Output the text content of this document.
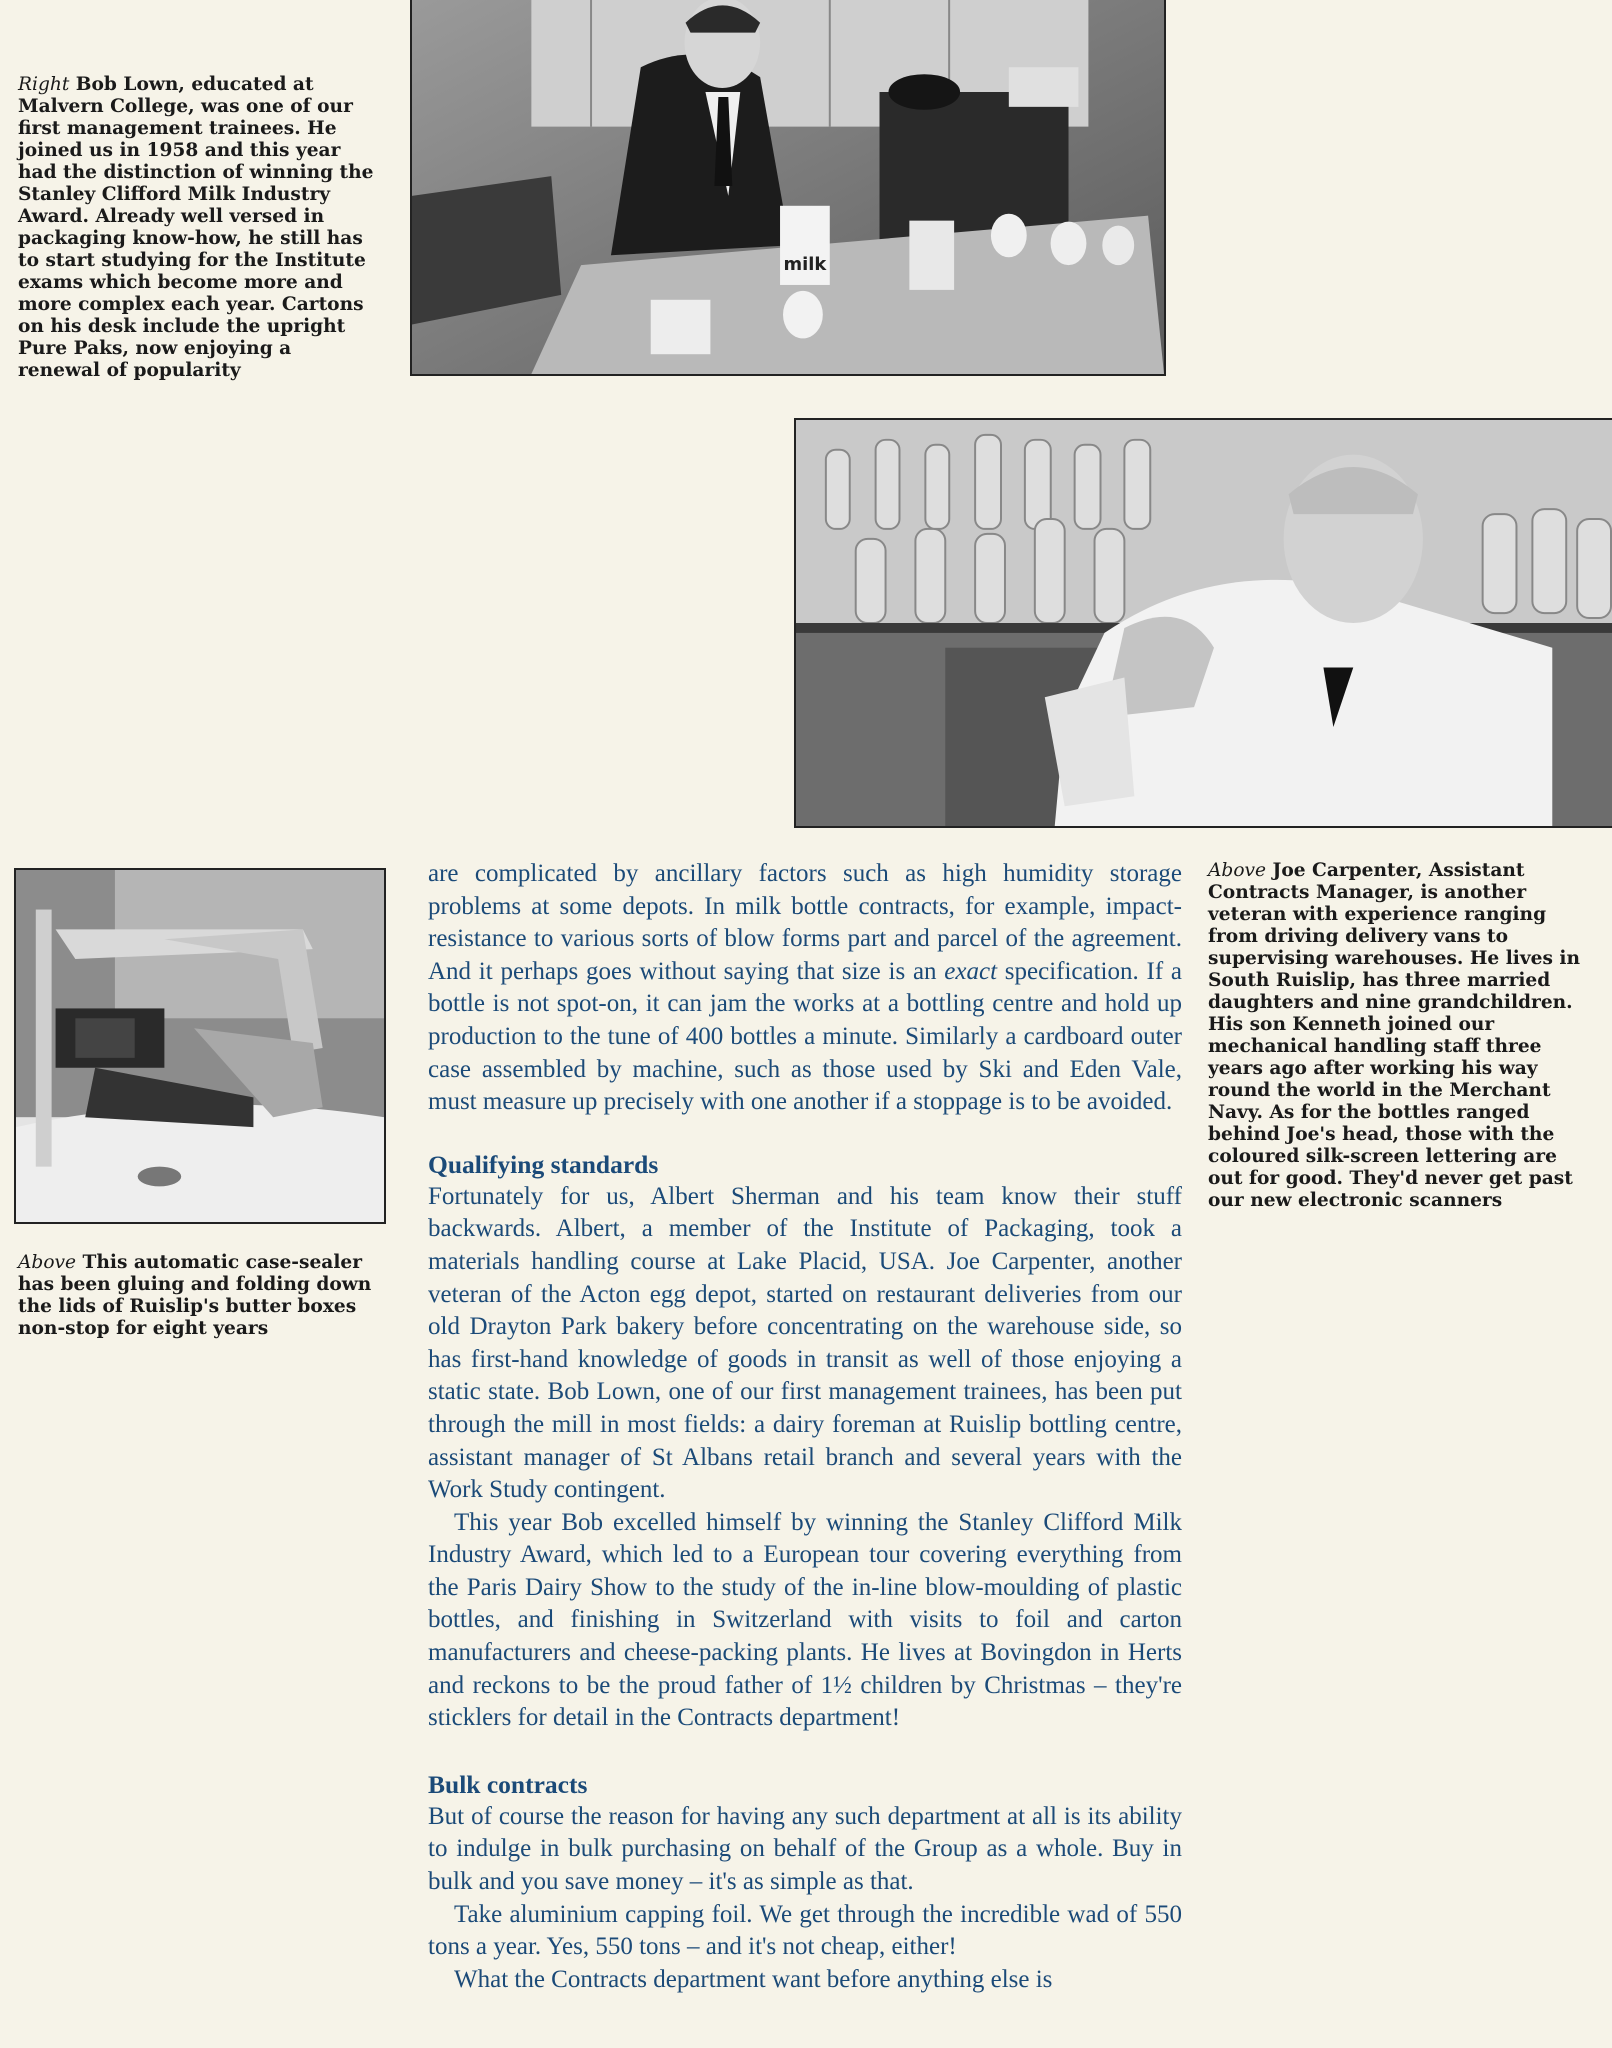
milk
Right Bob Lown, educated at Malvern College, was one of our first management trainees. He joined us in 1958 and this year had the distinction of winning the Stanley Clifford Milk Industry Award. Already well versed in packaging know-how, he still has to start studying for the Institute exams which become more and more complex each year. Cartons on his desk include the upright Pure Paks, now enjoying a renewal of popularity
Above This automatic case-sealer has been gluing and folding down the lids of Ruislip's butter boxes non-stop for eight years
Above Joe Carpenter, Assistant Contracts Manager, is another veteran with experience ranging from driving delivery vans to supervising warehouses. He lives in South Ruislip, has three married daughters and nine grandchildren. His son Kenneth joined our mechanical handling staff three years ago after working his way round the world in the Merchant Navy. As for the bottles ranged behind Joe's head, those with the coloured silk-screen lettering are out for good. They'd never get past our new electronic scanners

are complicated by ancillary factors such as high humidity storage problems at some depots. In milk bottle contracts, for example, impact-resistance to various sorts of blow forms part and parcel of the agreement. And it perhaps goes without saying that size is an exact specification. If a bottle is not spot-on, it can jam the works at a bottling centre and hold up production to the tune of 400 bottles a minute. Similarly a cardboard outer case assembled by machine, such as those used by Ski and Eden Vale, must measure up precisely with one another if a stoppage is to be avoided.

Qualifying standards

Fortunately for us, Albert Sherman and his team know their stuff backwards. Albert, a member of the Institute of Packaging, took a materials handling course at Lake Placid, USA. Joe Carpenter, another veteran of the Acton egg depot, started on restaurant deliveries from our old Drayton Park bakery before concentrating on the warehouse side, so has first-hand knowledge of goods in transit as well of those enjoying a static state. Bob Lown, one of our first management trainees, has been put through the mill in most fields: a dairy foreman at Ruislip bottling centre, assistant manager of St Albans retail branch and several years with the Work Study contingent.

This year Bob excelled himself by winning the Stanley Clifford Milk Industry Award, which led to a European tour covering everything from the Paris Dairy Show to the study of the in-line blow-moulding of plastic bottles, and finishing in Switzerland with visits to foil and carton manufacturers and cheese-packing plants. He lives at Bovingdon in Herts and reckons to be the proud father of 1½ children by Christmas – they're sticklers for detail in the Contracts department!

Bulk contracts

But of course the reason for having any such department at all is its ability to indulge in bulk purchasing on behalf of the Group as a whole. Buy in bulk and you save money – it's as simple as that.

Take aluminium capping foil. We get through the incredible wad of 550 tons a year. Yes, 550 tons – and it's not cheap, either!

What the Contracts department want before anything else is
